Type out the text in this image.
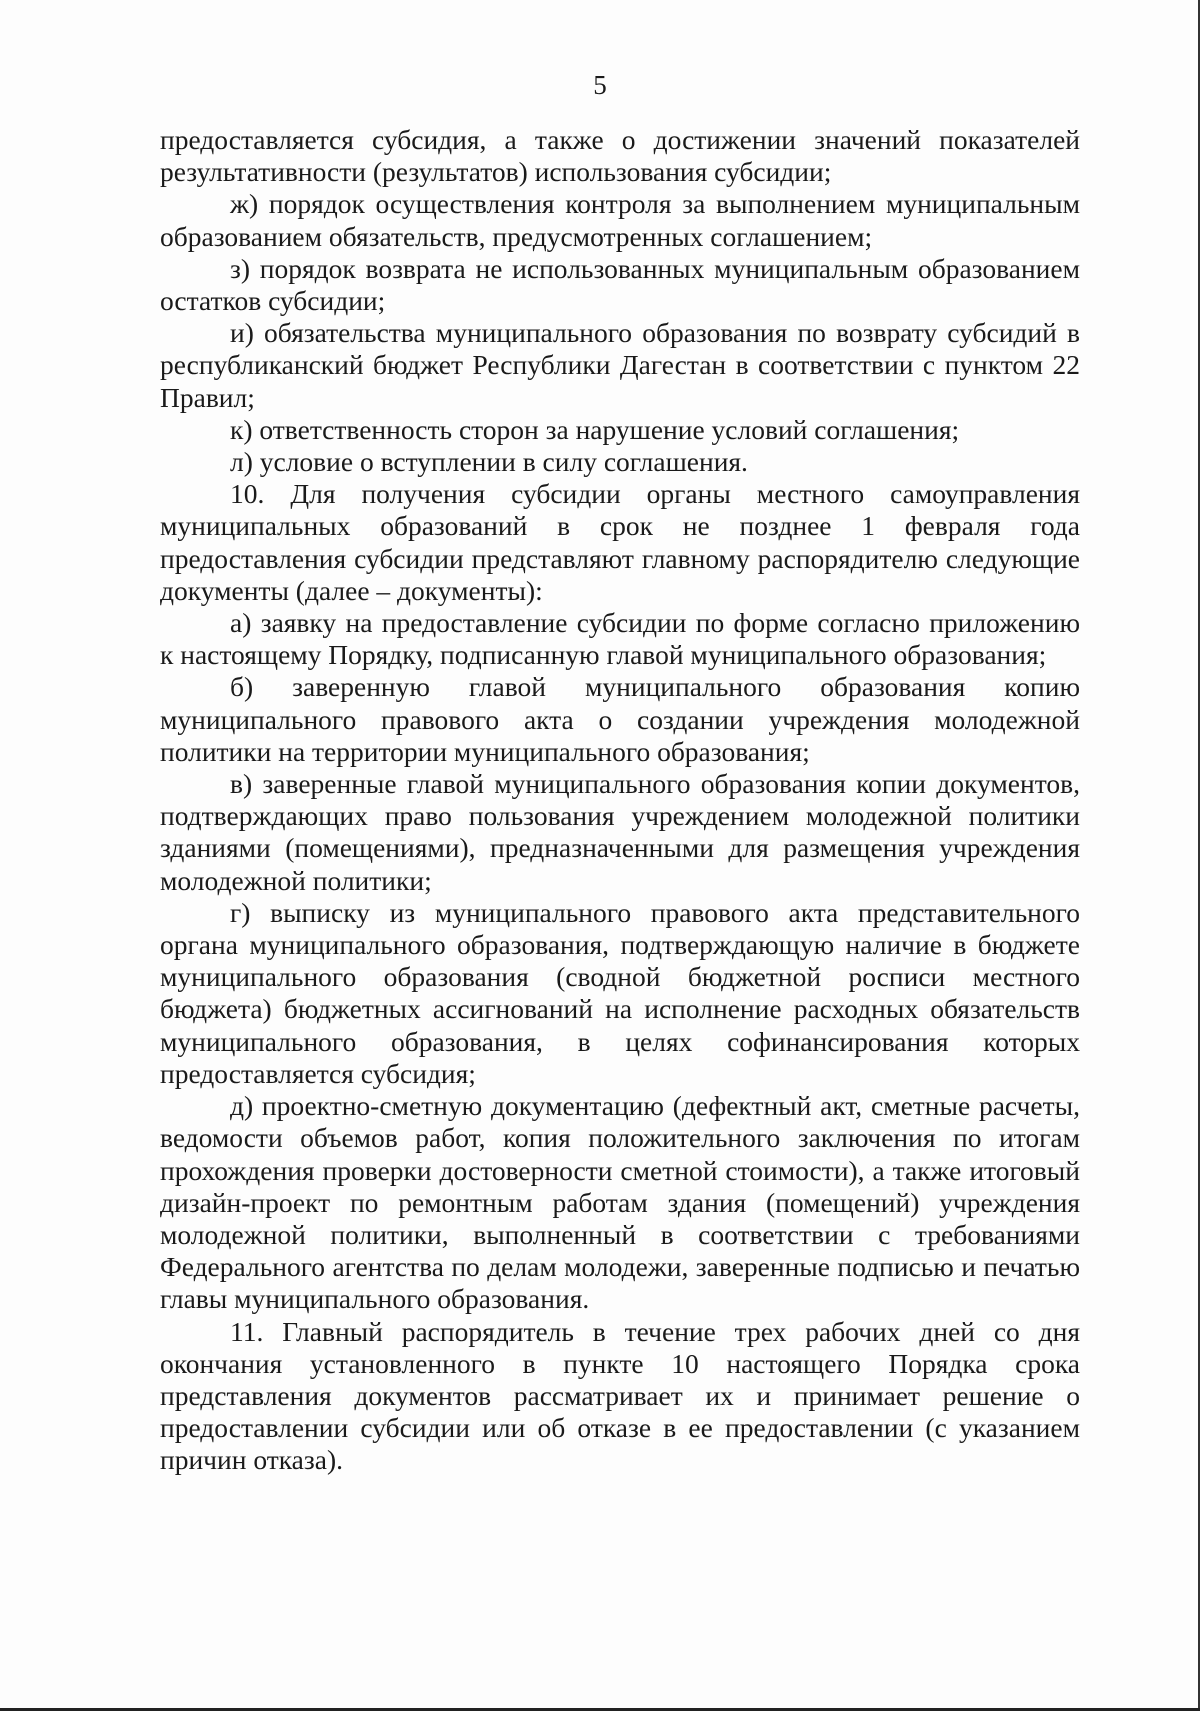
5

предоставляется субсидия, а также о достижении значений показателей результативности (результатов) использования субсидии;

ж) порядок осуществления контроля за выполнением муниципальным образованием обязательств, предусмотренных соглашением;

з) порядок возврата не использованных муниципальным образованием остатков субсидии;

и) обязательства муниципального образования по возврату субсидий в республиканский бюджет Республики Дагестан в соответствии с пунктом 22 Правил;

к) ответственность сторон за нарушение условий соглашения;

л) условие о вступлении в силу соглашения.

10. Для получения субсидии органы местного самоуправления муниципальных образований в срок не позднее 1 февраля года предоставления субсидии представляют главному распорядителю следующие документы (далее – документы):

а) заявку на предоставление субсидии по форме согласно приложению к настоящему Порядку, подписанную главой муниципального образования;

б) заверенную главой муниципального образования копию муниципального правового акта о создании учреждения молодежной политики на территории муниципального образования;

в) заверенные главой муниципального образования копии документов, подтверждающих право пользования учреждением молодежной политики зданиями (помещениями), предназначенными для размещения учреждения молодежной политики;

г) выписку из муниципального правового акта представительного органа муниципального образования, подтверждающую наличие в бюджете муниципального образования (сводной бюджетной росписи местного бюджета) бюджетных ассигнований на исполнение расходных обязательств муниципального образования, в целях софинансирования которых предоставляется субсидия;

д) проектно-сметную документацию (дефектный акт, сметные расчеты, ведомости объемов работ, копия положительного заключения по итогам прохождения проверки достоверности сметной стоимости), а также итоговый дизайн-проект по ремонтным работам здания (помещений) учреждения молодежной политики, выполненный в соответствии с требованиями Федерального агентства по делам молодежи, заверенные подписью и печатью главы муниципального образования.

11. Главный распорядитель в течение трех рабочих дней со дня окончания установленного в пункте 10 настоящего Порядка срока представления документов рассматривает их и принимает решение о предоставлении субсидии или об отказе в ее предоставлении (с указанием причин отказа).
